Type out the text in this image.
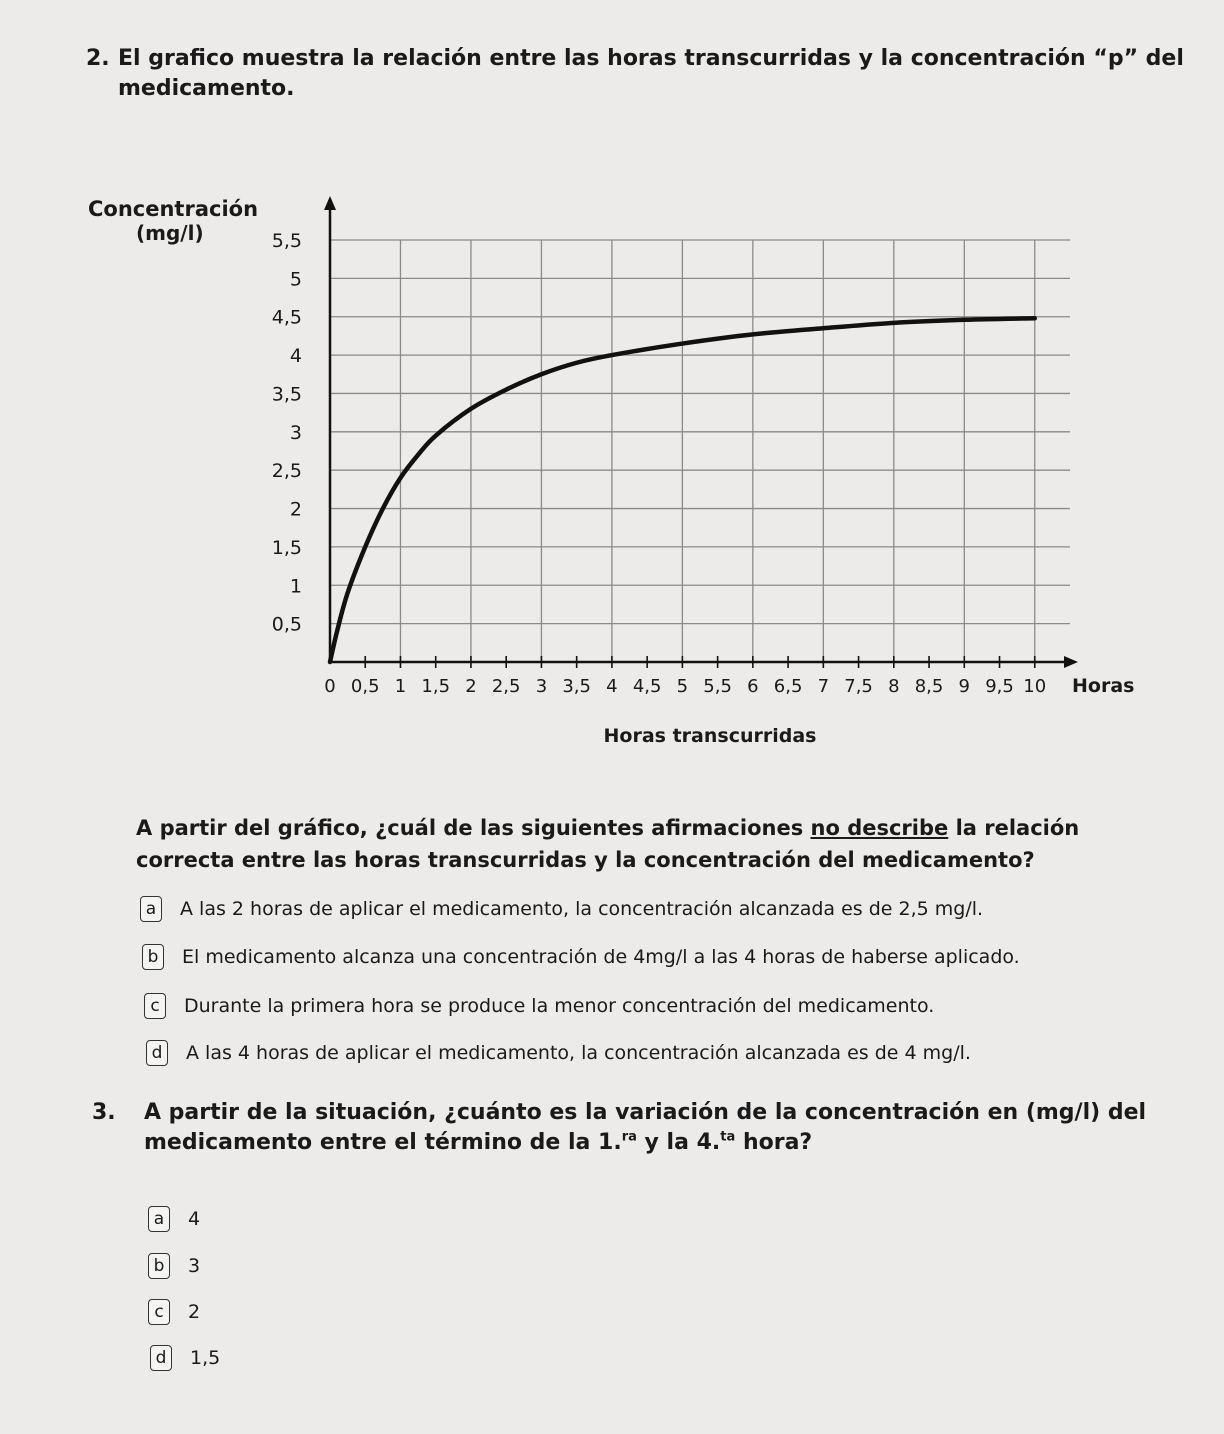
2. El grafico muestra la relación entre las horas transcurridas y la concentración “p” del medicamento.
0 0,5 1 1,5 2 2,5 3 3,5 4 4,5 5 5,5 6 6,5 7 7,5 8 8,5 9 9,5 10
0,5
1
1,5
2
2,5
3
3,5
4
4,5
5
5,5
Concentración
(mg/l)
Horas
Horas transcurridas
A partir del gráfico, ¿cuál de las siguientes afirmaciones no describe la relación correcta entre las horas transcurridas y la concentración del medicamento?
a	A las 2 horas de aplicar el medicamento, la concentración alcanzada es de 2,5 mg/l.
b El medicamento alcanza una concentración de 4mg/l a las 4 horas de haberse aplicado.
c	Durante la primera hora se produce la menor concentración del medicamento.
d A las 4 horas de aplicar el medicamento, la concentración alcanzada es de 4 mg/l.
3. A partir de la situación, ¿cuánto es la variación de la concentración en (mg/l) del medicamento entre el término de la 1.$^{ra}$ y la 4.$^{ta}$ hora?
a	4
b 3
c	2
d 1,5
